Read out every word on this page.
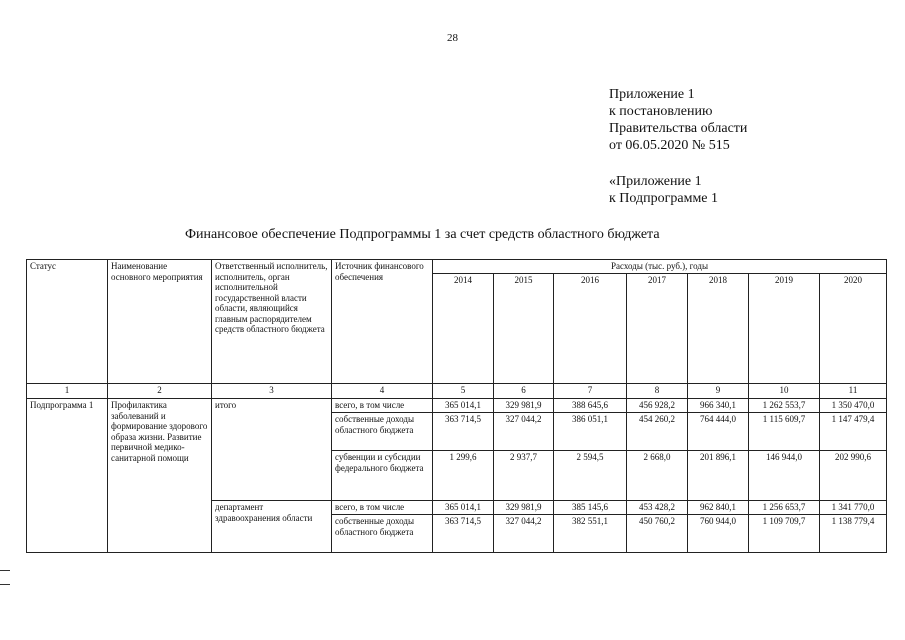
28
Приложение 1
к постановлению
Правительства области
от 06.05.2020 № 515
«Приложение 1
к Подпрограмме 1
Финансовое обеспечение Подпрограммы 1 за счет средств областного бюджета
Статус	Наименование основного мероприятия	Ответственный исполнитель, исполнитель, орган исполнительной государственной власти области, являющийся главным распорядителем средств областного бюджета	Источник финансового обеспечения	Расходы (тыс. руб.), годы						
				2014	2015	2016	2017	2018	2019	2020
1	2	3	4	5	6	7	8	9	10	11
Подпрограмма 1	Профилактика заболеваний и формирование здорового образа жизни. Развитие первичной медико-санитарной помощи	итого	всего, в том числе	365 014,1	329 981,9	388 645,6	456 928,2	966 340,1	1 262 553,7	1 350 470,0
			собственные доходы областного бюджета	363 714,5	327 044,2	386 051,1	454 260,2	764 444,0	1 115 609,7	1 147 479,4
			субвенции и субсидии федерального бюджета	1 299,6	2 937,7	2 594,5	2 668,0	201 896,1	146 944,0	202 990,6
		департамент здравоохранения области	всего, в том числе	365 014,1	329 981,9	385 145,6	453 428,2	962 840,1	1 256 653,7	1 341 770,0
			собственные доходы областного бюджета	363 714,5	327 044,2	382 551,1	450 760,2	760 944,0	1 109 709,7	1 138 779,4
